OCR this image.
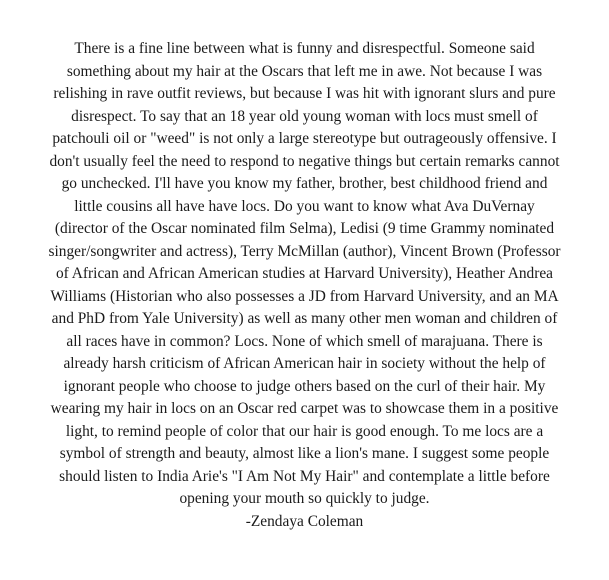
There is a fine line between what is funny and disrespectful. Someone said
something about my hair at the Oscars that left me in awe. Not because I was
relishing in rave outfit reviews, but because I was hit with ignorant slurs and pure
disrespect. To say that an 18 year old young woman with locs must smell of
patchouli oil or "weed" is not only a large stereotype but outrageously offensive. I
don't usually feel the need to respond to negative things but certain remarks cannot
go unchecked. I'll have you know my father, brother, best childhood friend and
little cousins all have have locs. Do you want to know what Ava DuVernay
(director of the Oscar nominated film Selma), Ledisi (9 time Grammy nominated
singer/songwriter and actress), Terry McMillan (author), Vincent Brown (Professor
of African and African American studies at Harvard University), Heather Andrea
Williams (Historian who also possesses a JD from Harvard University, and an MA
and PhD from Yale University) as well as many other men woman and children of
all races have in common? Locs. None of which smell of marajuana. There is
already harsh criticism of African American hair in society without the help of
ignorant people who choose to judge others based on the curl of their hair. My
wearing my hair in locs on an Oscar red carpet was to showcase them in a positive
light, to remind people of color that our hair is good enough. To me locs are a
symbol of strength and beauty, almost like a lion's mane. I suggest some people
should listen to India Arie's "I Am Not My Hair" and contemplate a little before
opening your mouth so quickly to judge.
-Zendaya Coleman
